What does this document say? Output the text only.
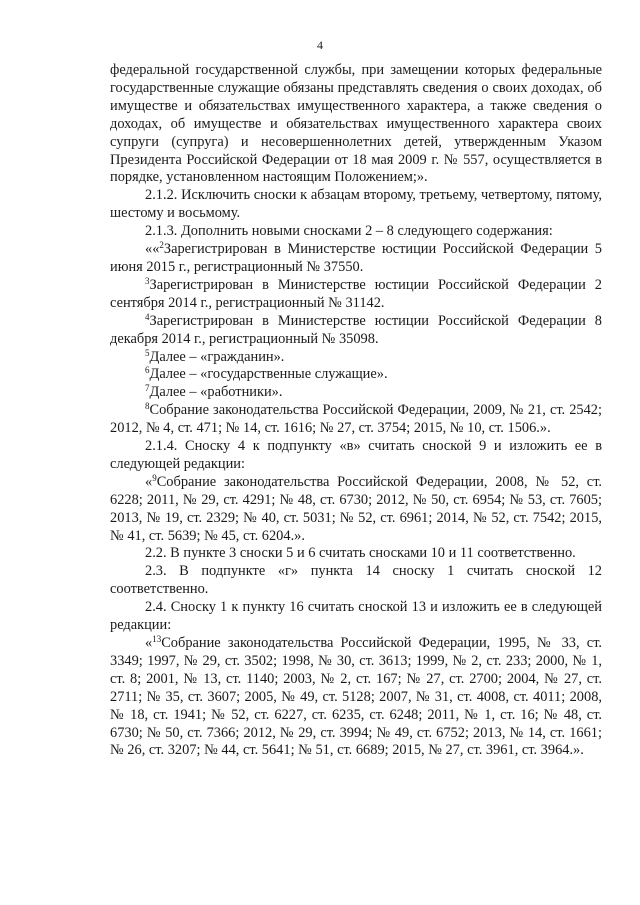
4

федеральной государственной службы, при замещении которых федеральные государственные служащие обязаны представлять сведения о своих доходах, об имуществе и обязательствах имущественного характера, а также сведения о доходах, об имуществе и обязательствах имущественного характера своих супруги (супруга) и несовершеннолетних детей, утвержденным Указом Президента Российской Федерации от 18 мая 2009 г. № 557, осуществляется в порядке, установленном настоящим Положением;».

2.1.2. Исключить сноски к абзацам второму, третьему, четвертому, пятому, шестому и восьмому.

2.1.3. Дополнить новыми сносками 2 – 8 следующего содержания:

««$^2$Зарегистрирован в Министерстве юстиции Российской Федерации 5 июня 2015 г., регистрационный № 37550.

$^3$Зарегистрирован в Министерстве юстиции Российской Федерации 2 сентября 2014 г., регистрационный № 31142.

$^4$Зарегистрирован в Министерстве юстиции Российской Федерации 8 декабря 2014 г., регистрационный № 35098.

$^5$Далее – «гражданин».

$^6$Далее – «государственные служащие».

$^7$Далее – «работники».

$^8$Собрание законодательства Российской Федерации, 2009, № 21, ст. 2542; 2012, № 4, ст. 471; № 14, ст. 1616; № 27, ст. 3754; 2015, № 10, ст. 1506.».

2.1.4. Сноску 4 к подпункту «в» считать сноской 9 и изложить ее в следующей редакции:

«$^9$Собрание законодательства Российской Федерации, 2008, № 52, ст. 6228; 2011, № 29, ст. 4291; № 48, ст. 6730; 2012, № 50, ст. 6954; № 53, ст. 7605; 2013, № 19, ст. 2329; № 40, ст. 5031; № 52, ст. 6961; 2014, № 52, ст. 7542; 2015, № 41, ст. 5639; № 45, ст. 6204.».

2.2. В пункте 3 сноски 5 и 6 считать сносками 10 и 11 соответственно.

2.3. В подпункте «г» пункта 14 сноску 1 считать сноской 12 соответственно.

2.4. Сноску 1 к пункту 16 считать сноской 13 и изложить ее в следующей редакции:

«$^{13}$Собрание законодательства Российской Федерации, 1995, № 33, ст. 3349; 1997, № 29, ст. 3502; 1998, № 30, ст. 3613; 1999, № 2, ст. 233; 2000, № 1, ст. 8; 2001, № 13, ст. 1140; 2003, № 2, ст. 167; № 27, ст. 2700; 2004, № 27, ст. 2711; № 35, ст. 3607; 2005, № 49, ст. 5128; 2007, № 31, ст. 4008, ст. 4011; 2008, № 18, ст. 1941; № 52, ст. 6227, ст. 6235, ст. 6248; 2011, № 1, ст. 16; № 48, ст. 6730; № 50, ст. 7366; 2012, № 29, ст. 3994; № 49, ст. 6752; 2013, № 14, ст. 1661; № 26, ст. 3207; № 44, ст. 5641; № 51, ст. 6689; 2015, № 27, ст. 3961, ст. 3964.».
